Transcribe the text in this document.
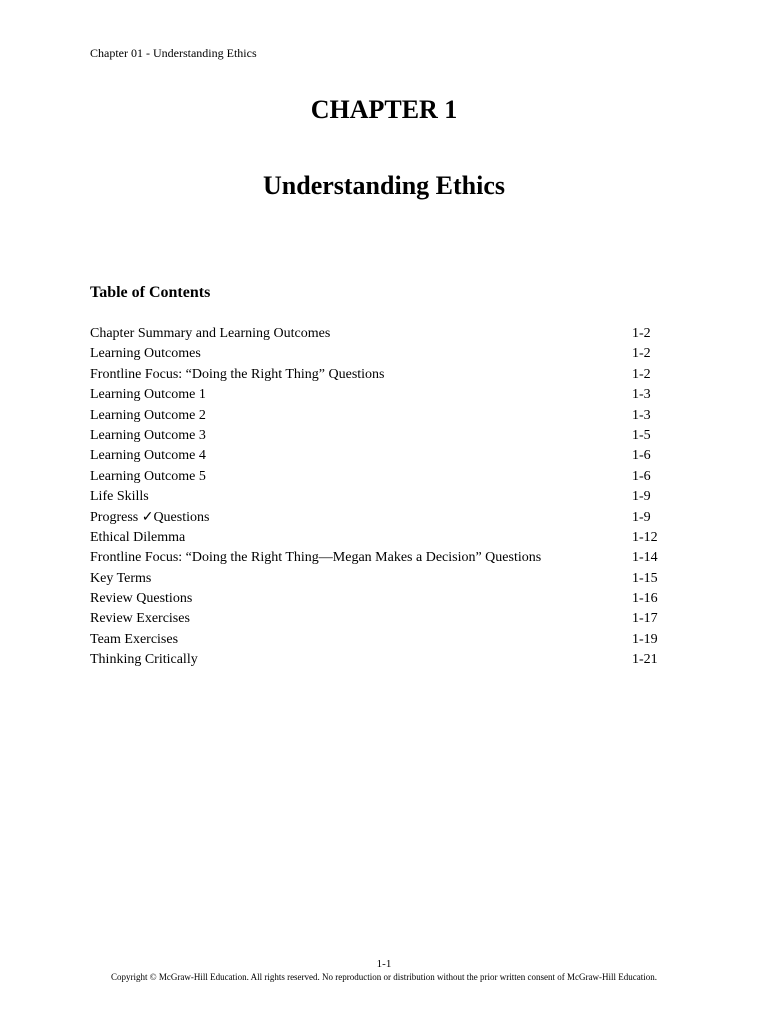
Chapter 01 - Understanding Ethics
CHAPTER 1
Understanding Ethics
Table of Contents
Chapter Summary and Learning Outcomes	1-2
Learning Outcomes	1-2
Frontline Focus: “Doing the Right Thing” Questions	1-2
Learning Outcome 1	1-3
Learning Outcome 2	1-3
Learning Outcome 3	1-5
Learning Outcome 4	1-6
Learning Outcome 5	1-6
Life Skills	1-9
Progress ✓Questions	1-9
Ethical Dilemma	1-12
Frontline Focus: “Doing the Right Thing—Megan Makes a Decision” Questions	1-14
Key Terms	1-15
Review Questions	1-16
Review Exercises	1-17
Team Exercises	1-19
Thinking Critically	1-21
1-1
Copyright © McGraw-Hill Education. All rights reserved. No reproduction or distribution without the prior written consent of McGraw-Hill Education.
